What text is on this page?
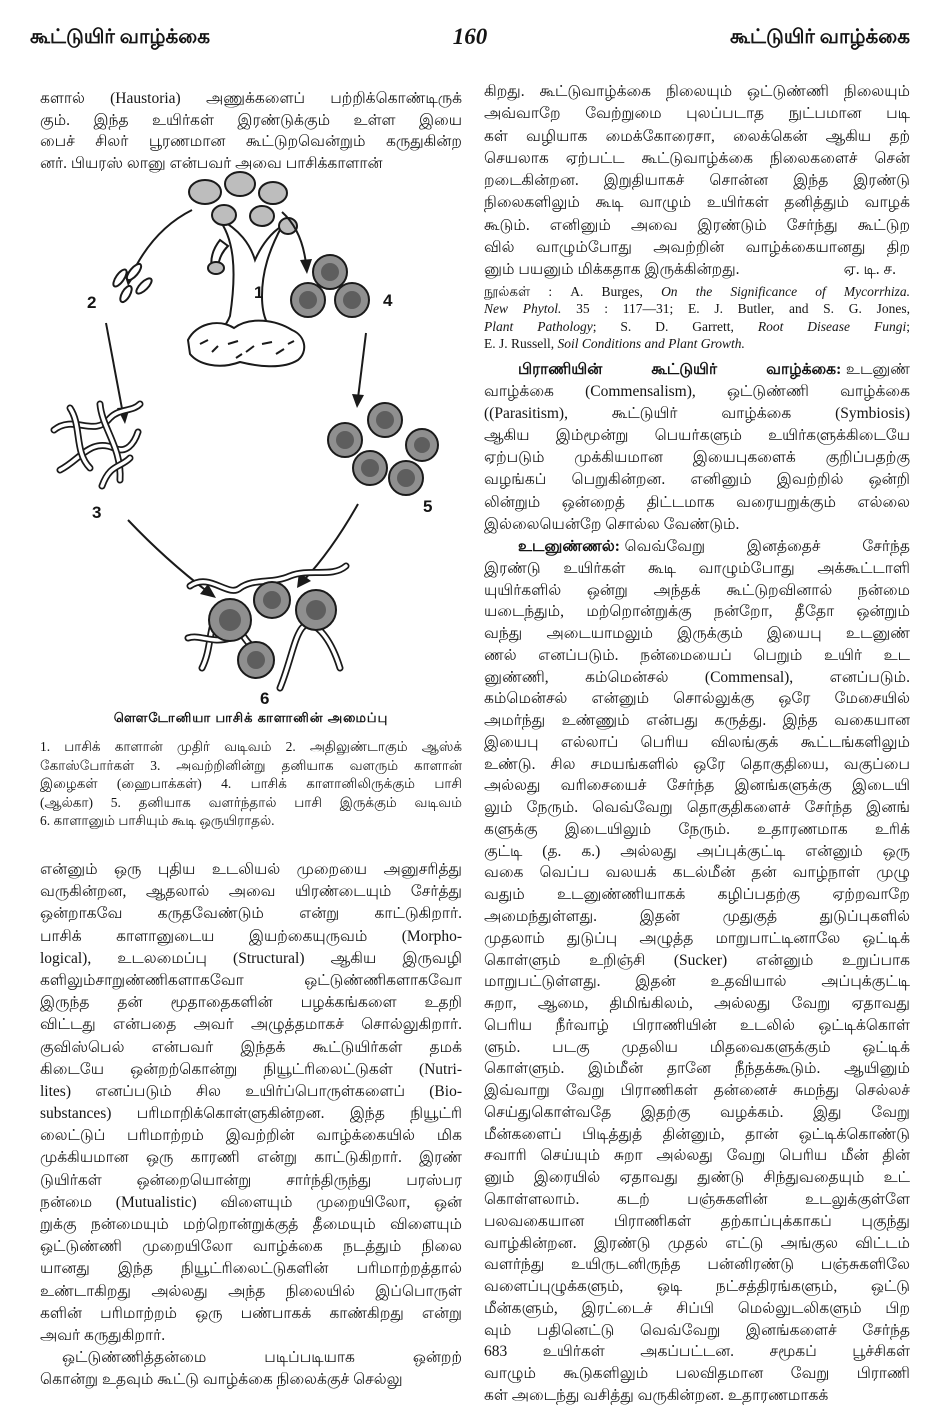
கூட்டுயிர் வாழ்க்கை	160	கூட்டுயிர் வாழ்க்கை
களால் (Haustoria) அணுக்களைப் பற்றிக்கொண்டிருக்
கும். இந்த உயிர்கள் இரண்டுக்கும் உள்ள இயை
பைச் சிலர் பூரணமான கூட்டுறவென்றும் கருதுகின்ற
னர். பியரஸ் லானு என்பவர் அவை பாசிக்காளான்
1
2
3
4
5
6
ளௌடோனியா பாசிக் காளானின் அமைப்பு
1. பாசிக் காளான் முதிர் வடிவம் 2. அதிலுண்டாகும் ஆஸ்க்
கோஸ்போர்கள் 3. அவற்றினின்று தனியாக வளரும் காளான்
இழைகள் (ஹைபாக்கள்) 4. பாசிக் காளானிலிருக்கும் பாசி
(ஆல்கா) 5. தனியாக வளர்ந்தால் பாசி இருக்கும் வடிவம்
6. காளானும் பாசியும் கூடி ஒருயிராதல்.
என்னும் ஒரு புதிய உடலியல் முறையை அனுசரித்து
வருகின்றன, ஆதலால் அவை யிரண்டையும் சேர்த்து
ஒன்றாகவே கருதவேண்டும் என்று காட்டுகிறார்.
பாசிக் காளானுடைய இயற்கையுருவம் (Morpho-
logical), உடலமைப்பு (Structural) ஆகிய இருவழி
களிலும்சாறுண்ணிகளாகவோ ஒட்டுண்ணிகளாகவோ
இருந்த தன் மூதாதைகளின் பழக்கங்களை உதறி
விட்டது என்பதை அவர் அழுத்தமாகச் சொல்லுகிறார்.
குவிஸ்பெல் என்பவர் இந்தக் கூட்டுயிர்கள் தமக்
கிடையே ஒன்றற்கொன்று நியூட்ரிலைட்டுகள் (Nutri-
lites) எனப்படும் சில உயிர்ப்பொருள்களைப் (Bio-
substances) பரிமாறிக்கொள்ளுகின்றன. இந்த நியூட்ரி
லைட்டுப் பரிமாற்றம் இவற்றின் வாழ்க்கையில் மிக
முக்கியமான ஒரு காரணி என்று காட்டுகிறார். இரண்
டுயிர்கள் ஒன்றையொன்று சார்ந்திருந்து பரஸ்பர
நன்மை (Mutualistic) விளையும் முறையிலோ, ஒன்
றுக்கு நன்மையும் மற்றொன்றுக்குத் தீமையும் விளையும்
ஒட்டுண்ணி முறையிலோ வாழ்க்கை நடத்தும் நிலை
யானது இந்த நியூட்ரிலைட்டுகளின் பரிமாற்றத்தால்
உண்டாகிறது அல்லது அந்த நிலையில் இப்பொருள்
களின் பரிமாற்றம் ஒரு பண்பாகக் காண்கிறது என்று
அவர் கருதுகிறார்.
ஒட்டுண்ணித்தன்மை படிப்படியாக ஒன்றற்
கொன்று உதவும் கூட்டு வாழ்க்கை நிலைக்குச் செல்லு
கிறது. கூட்டுவாழ்க்கை நிலையும் ஒட்டுண்ணி நிலையும்
அவ்வாறே வேற்றுமை புலப்படாத நுட்பமான படி
கள் வழியாக மைக்கோரைசா, லைக்கென் ஆகிய தற்
செயலாக ஏற்பட்ட கூட்டுவாழ்க்கை நிலைகளைச் சென்
றடைகின்றன. இறுதியாகச் சொன்ன இந்த இரண்டு
நிலைகளிலும் கூடி வாழும் உயிர்கள் தனித்தும் வாழக்
கூடும். எனினும் அவை இரண்டும் சேர்ந்து கூட்டுற
வில் வாழும்போது அவற்றின் வாழ்க்கையானது திற
னும் பயனும் மிக்கதாக இருக்கின்றது.	ஏ. டி. ச.
நூல்கள் : A. Burges, On the Significance of Mycorrhiza.
New Phytol. 35 : 117—31; E. J. Butler, and S. G. Jones,
Plant Pathology; S. D. Garrett, Root Disease Fungi;
E. J. Russell, Soil Conditions and Plant Growth.
பிராணியின் கூட்டுயிர் வாழ்க்கை: உடனுண்
வாழ்க்கை (Commensalism), ஒட்டுண்ணி வாழ்க்கை
((Parasitism), கூட்டுயிர் வாழ்க்கை (Symbiosis)
ஆகிய இம்மூன்று பெயர்களும் உயிர்களுக்கிடையே
ஏற்படும் முக்கியமான இயைபுகளைக் குறிப்பதற்கு
வழங்கப் பெறுகின்றன. எனினும் இவற்றில் ஒன்றி
லின்றும் ஒன்றைத் திட்டமாக வரையறுக்கும் எல்லை
இல்லையென்றே சொல்ல வேண்டும்.
உடனுண்ணல்: வெவ்வேறு இனத்தைச் சேர்ந்த
இரண்டு உயிர்கள் கூடி வாழும்போது அக்கூட்டாளி
யுயிர்களில் ஒன்று அந்தக் கூட்டுறவினால் நன்மை
யடைந்தும், மற்றொன்றுக்கு நன்றோ, தீதோ ஒன்றும்
வந்து அடையாமலும் இருக்கும் இயைபு உடனுண்
ணல் எனப்படும். நன்மையைப் பெறும் உயிர் உட
னுண்ணி, கம்மென்சல் (Commensal), எனப்படும்.
கம்மென்சல் என்னும் சொல்லுக்கு ஒரே மேசையில்
அமர்ந்து உண்ணும் என்பது கருத்து. இந்த வகையான
இயைபு எல்லாப் பெரிய விலங்குக் கூட்டங்களிலும்
உண்டு. சில சமயங்களில் ஒரே தொகுதியை, வகுப்பை
அல்லது வரிசையைச் சேர்ந்த இனங்களுக்கு இடையி
லும் நேரும். வெவ்வேறு தொகுதிகளைச் சேர்ந்த இனங்
களுக்கு இடையிலும் நேரும். உதாரணமாக உரிக்
குட்டி (த. க.) அல்லது அப்புக்குட்டி என்னும் ஒரு
வகை வெப்ப வலயக் கடல்மீன் தன் வாழ்நாள் முழு
வதும் உடனுண்ணியாகக் கழிப்பதற்கு ஏற்றவாறே
அமைந்துள்ளது. இதன் முதுகுத் துடுப்புகளில்
முதலாம் துடுப்பு அழுத்த மாறுபாட்டினாலே ஒட்டிக்
கொள்ளும் உறிஞ்சி (Sucker) என்னும் உறுப்பாக
மாறுபட்டுள்ளது. இதன் உதவியால் அப்புக்குட்டி
சுறா, ஆமை, திமிங்கிலம், அல்லது வேறு ஏதாவது
பெரிய நீர்வாழ் பிராணியின் உடலில் ஒட்டிக்கொள்
ளும். படகு முதலிய மிதவைகளுக்கும் ஒட்டிக்
கொள்ளும். இம்மீன் தானே நீந்தக்கூடும். ஆயினும்
இவ்வாறு வேறு பிராணிகள் தன்னைச் சுமந்து செல்லச்
செய்துகொள்வதே இதற்கு வழக்கம். இது வேறு
மீன்களைப் பிடித்துத் தின்னும், தான் ஒட்டிக்கொண்டு
சவாரி செய்யும் சுறா அல்லது வேறு பெரிய மீன் தின்
னும் இரையில் ஏதாவது துண்டு சிந்துவதையும் உட்
கொள்ளலாம். கடற் பஞ்சுகளின் உடலுக்குள்ளே
பலவகையான பிராணிகள் தற்காப்புக்காகப் புகுந்து
வாழ்கின்றன. இரண்டு முதல் எட்டு அங்குல விட்டம்
வளர்ந்து உயிருடனிருந்த பன்னிரண்டு பஞ்சுகளிலே
வளைப்புழுக்களும், ஒடி நட்சத்திரங்களும், ஒட்டு
மீன்களும், இரட்டைச் சிப்பி மெல்லுடலிகளும் பிற
வும் பதினெட்டு வெவ்வேறு இனங்களைச் சேர்ந்த
683 உயிர்கள் அகப்பட்டன. சமூகப் பூச்சிகள்
வாழும் கூடுகளிலும் பலவிதமான வேறு பிராணி
கள் அடைந்து வசித்து வருகின்றன. உதாரணமாகக்
